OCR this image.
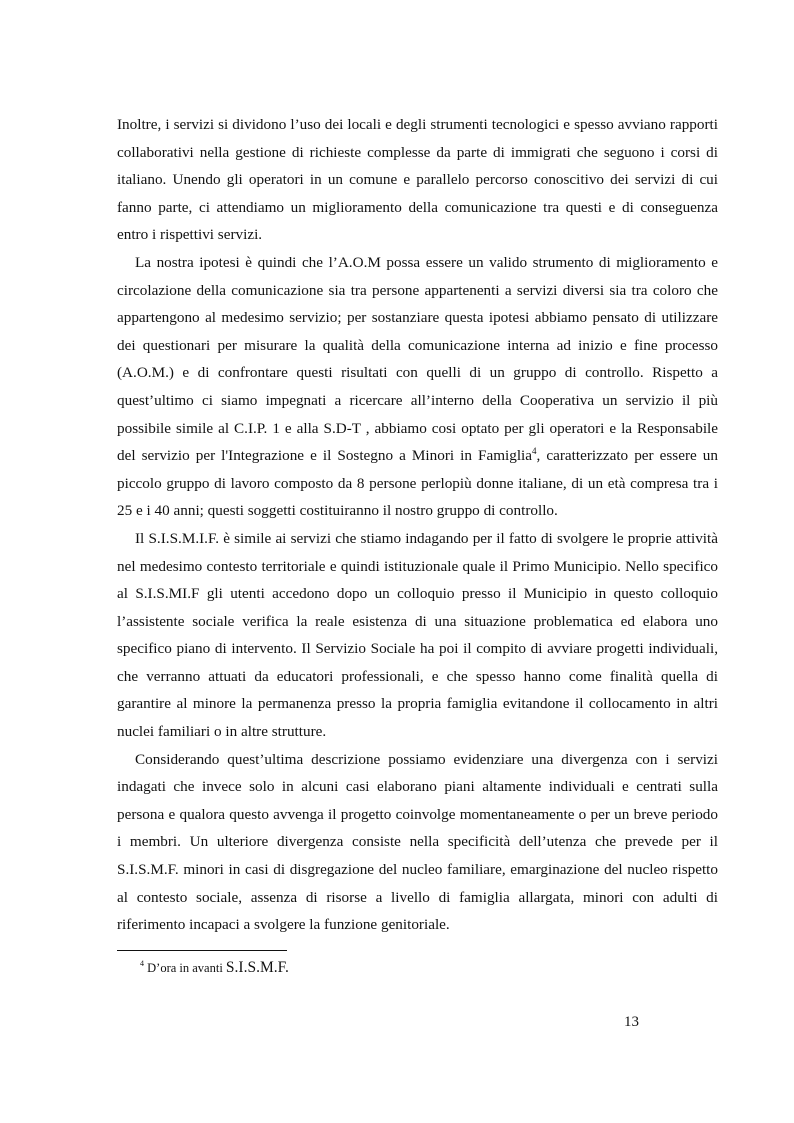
Inoltre, i servizi si dividono l’uso dei locali e degli strumenti tecnologici e spesso avviano rapporti collaborativi nella gestione di richieste complesse da parte di immigrati che seguono i corsi di italiano. Unendo gli operatori in un comune e parallelo percorso conoscitivo dei servizi di cui fanno parte, ci attendiamo un miglioramento della comunicazione tra questi e di conseguenza entro i rispettivi servizi.

La nostra ipotesi è quindi che l’A.O.M possa essere un valido strumento di miglioramento e circolazione della comunicazione sia tra persone appartenenti a servizi diversi sia tra coloro che appartengono al medesimo servizio; per sostanziare questa ipotesi abbiamo pensato di utilizzare dei questionari per misurare la qualità della comunicazione interna ad inizio e fine processo (A.O.M.) e di confrontare questi risultati con quelli di un gruppo di controllo. Rispetto a quest’ultimo ci siamo impegnati a ricercare all’interno della Cooperativa un servizio il più possibile simile al C.I.P. 1 e alla S.D-T , abbiamo cosi optato per gli operatori e la Responsabile del servizio per l'Integrazione e il Sostegno a Minori in Famiglia$^4$, caratterizzato per essere un piccolo gruppo di lavoro composto da 8 persone perlopiù donne italiane, di un età compresa tra i 25 e i 40 anni; questi soggetti costituiranno il nostro gruppo di controllo.

Il S.I.S.M.I.F. è simile ai servizi che stiamo indagando per il fatto di svolgere le proprie attività nel medesimo contesto territoriale e quindi istituzionale quale il Primo Municipio. Nello specifico al S.I.S.MI.F gli utenti accedono dopo un colloquio presso il Municipio in questo colloquio l’assistente sociale verifica la reale esistenza di una situazione problematica ed elabora uno specifico piano di intervento. Il Servizio Sociale ha poi il compito di avviare progetti individuali, che verranno attuati da educatori professionali, e che spesso hanno come finalità quella di garantire al minore la permanenza presso la propria famiglia evitandone il collocamento in altri nuclei familiari o in altre strutture.

Considerando quest’ultima descrizione possiamo evidenziare una divergenza con i servizi indagati che invece solo in alcuni casi elaborano piani altamente individuali e centrati sulla persona e qualora questo avvenga il progetto coinvolge momentaneamente o per un breve periodo i membri. Un ulteriore divergenza consiste nella specificità dell’utenza che prevede per il S.I.S.M.F. minori in casi di disgregazione del nucleo familiare, emarginazione del nucleo rispetto al contesto sociale, assenza di risorse a livello di famiglia allargata, minori con adulti di riferimento incapaci a svolgere la funzione genitoriale.

$^4$ D’ora in avanti S.I.S.M.F.
13
